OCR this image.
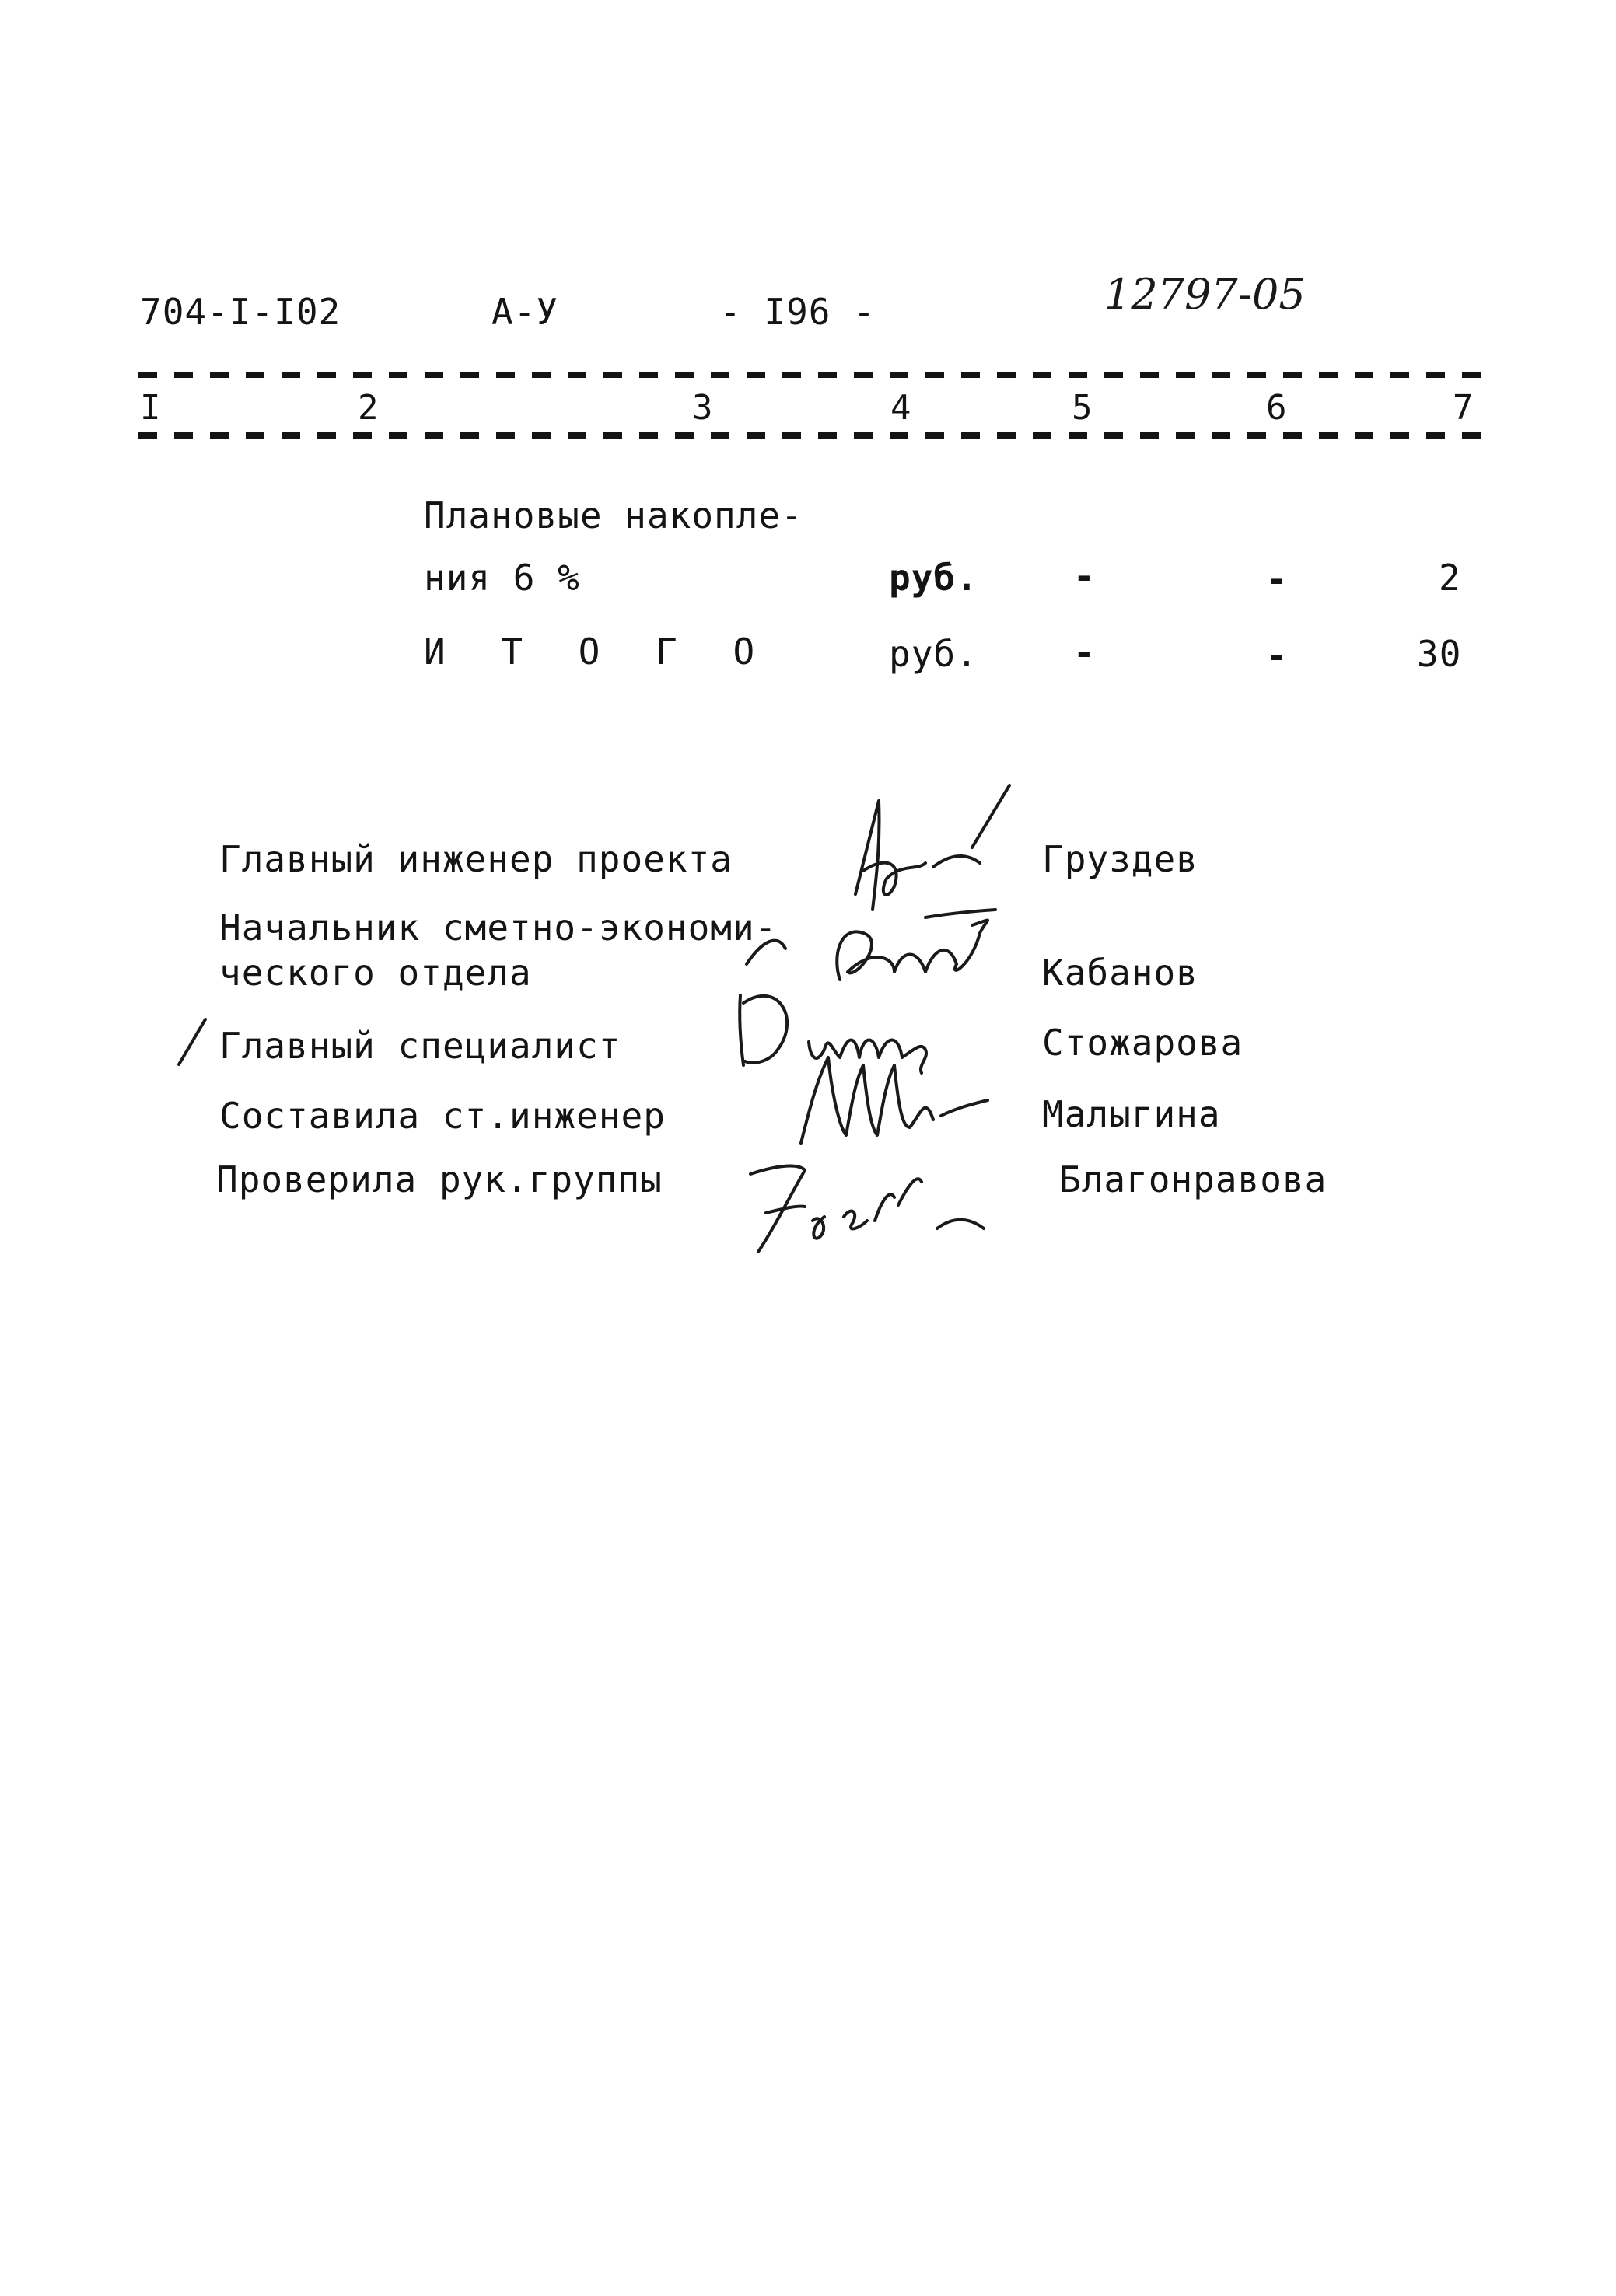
704-I-I02	А-У	- I96 -	12797-05
I	2	3	4	5	6	7
Плановые накопле-
ния 6 %	руб.	-	-	2
И Т О Г О	руб.	-	-	30
Главный инженер проекта	Груздев
Начальник сметно-экономи-
ческого отдела	Кабанов
Главный специалист	Стожарова
Составила ст.инженер	Малыгина
Проверила рук.группы	Благонравова
